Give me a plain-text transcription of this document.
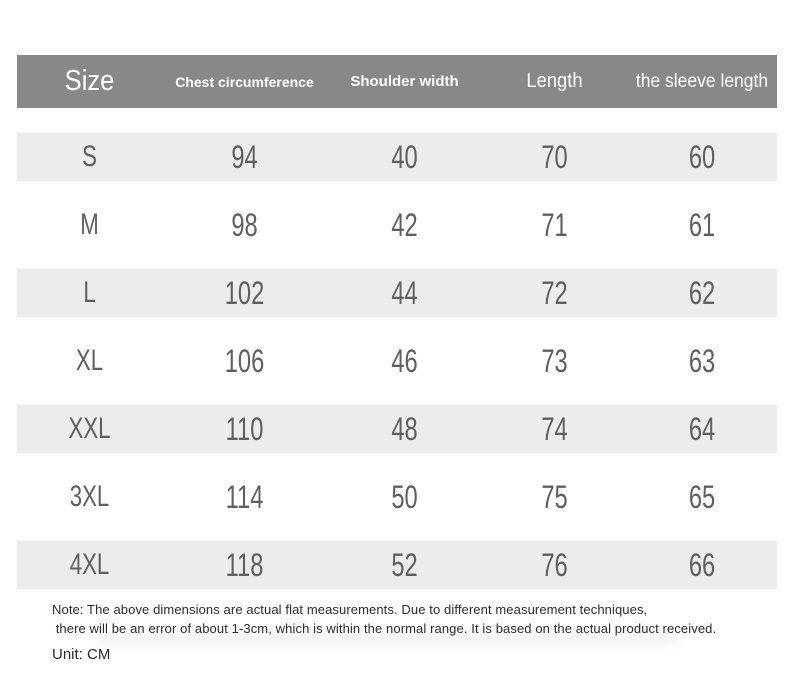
Size	Chest circumference	Shoulder width	Length	the sleeve length
S	94	40	70	60
M	98	42	71	61
L	102	44	72	62
XL	106	46	73	63
XXL	110	48	74	64
3XL	114	50	75	65
4XL	118	52	76	66
Note: The above dimensions are actual flat measurements. Due to different measurement techniques,
there will be an error of about 1-3cm, which is within the normal range. It is based on the actual product received.
Unit: CM
